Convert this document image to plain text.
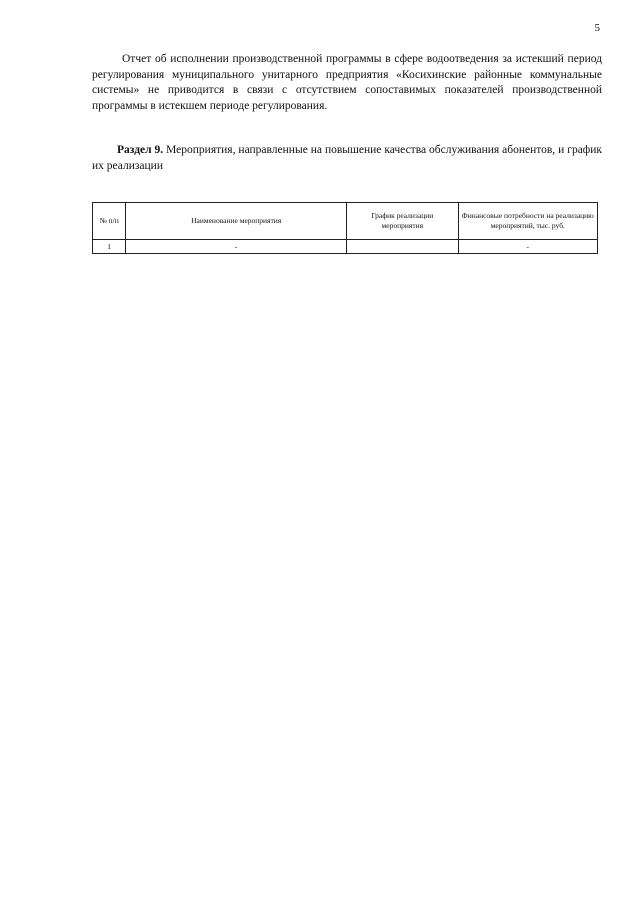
5

Отчет об исполнении производственной программы в сфере водоотведения за истекший период регулирования муниципального унитарного предприятия «Косихинские районные коммунальные системы» не приводится в связи с отсутствием сопоставимых показателей производственной программы в истекшем периоде регулирования.

Раздел 9. Мероприятия, направленные на повышение качества обслуживания абонентов, и график их реализации

№ п/п	Наименование мероприятия	График реализации мероприятия	Финансовые потребности на реализацию мероприятий, тыс. руб.
1	-		-
